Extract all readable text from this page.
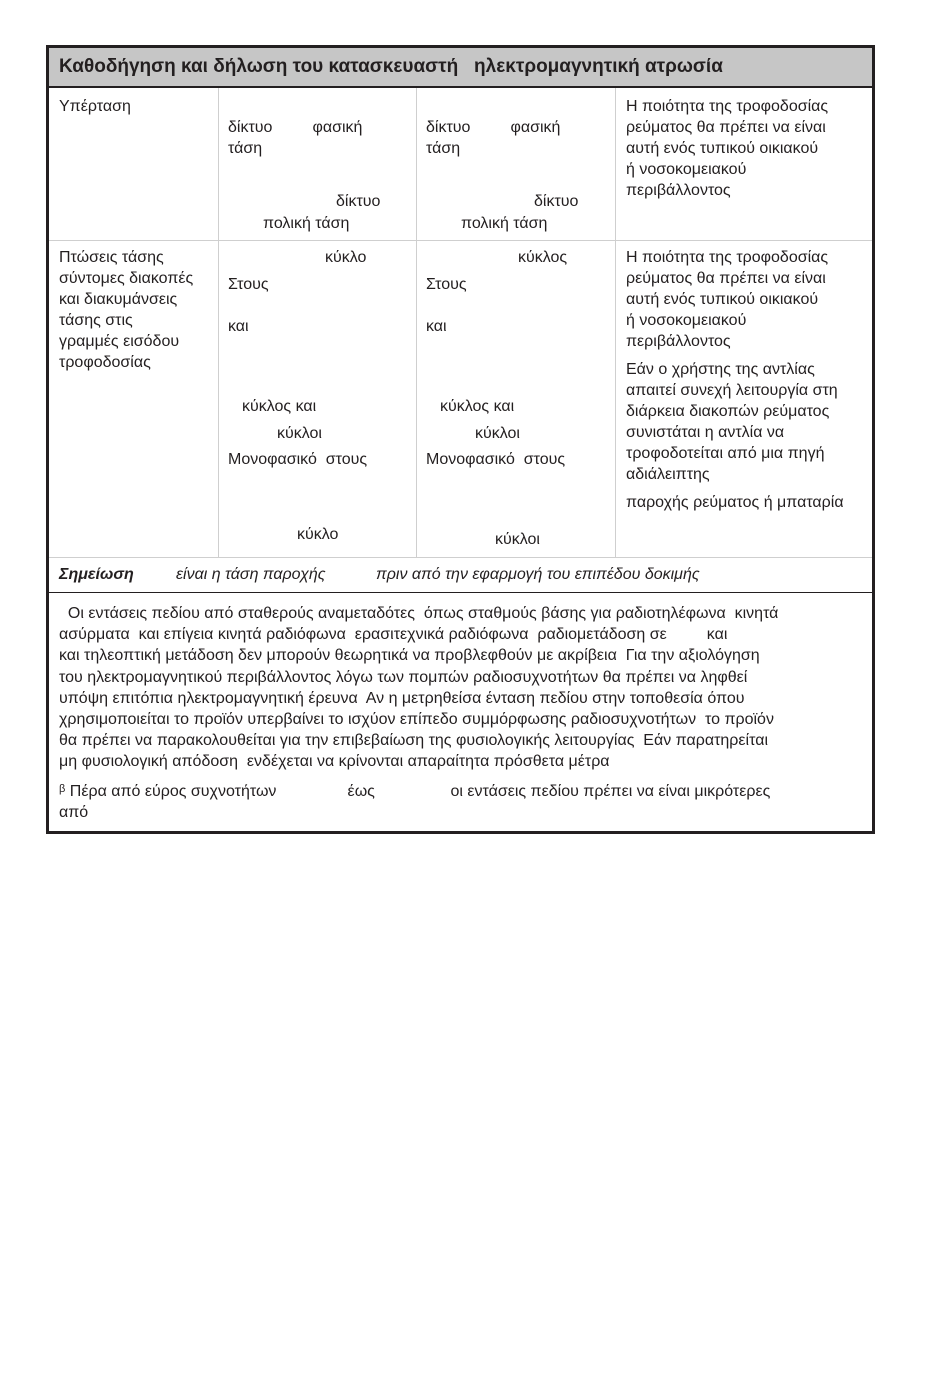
Καθοδήγηση και δήλωση του κατασκευαστή   ηλεκτρομαγνητική ατρωσία
Υπέρταση
δίκτυο         φασική
τάση
δίκτυο
πολική τάση
δίκτυο         φασική
τάση
δίκτυο
πολική τάση
Η ποιότητα της τροφοδοσίας
ρεύματος θα πρέπει να είναι
αυτή ενός τυπικού οικιακού
ή νοσοκομειακού
περιβάλλοντος
Πτώσεις τάσης
σύντομες διακοπές
και διακυμάνσεις
τάσης στις
γραμμές εισόδου
τροφοδοσίας
κύκλο
Στους
και
κύκλος και
κύκλοι
Μονοφασικό  στους
κύκλο
κύκλος
Στους
και
κύκλος και
κύκλοι
Μονοφασικό  στους
κύκλοι
Η ποιότητα της τροφοδοσίας
ρεύματος θα πρέπει να είναι
αυτή ενός τυπικού οικιακού
ή νοσοκομειακού
περιβάλλοντος
Εάν ο χρήστης της αντλίας
απαιτεί συνεχή λειτουργία στη
διάρκεια διακοπών ρεύματος
συνιστάται η αντλία να
τροφοδοτείται από μια πηγή
αδιάλειπτης
παροχής ρεύματος ή μπαταρία
Σημείωση	είναι η τάση παροχής	πριν από την εφαρμογή του επιπέδου δοκιμής

Οι εντάσεις πεδίου από σταθερούς αναμεταδότες  όπως σταθμούς βάσης για ραδιοτηλέφωνα  κινητά
ασύρματα  και επίγεια κινητά ραδιόφωνα  ερασιτεχνικά ραδιόφωνα  ραδιομετάδοση σε         και
και τηλεοπτική μετάδοση δεν μπορούν θεωρητικά να προβλεφθούν με ακρίβεια  Για την αξιολόγηση
του ηλεκτρομαγνητικού περιβάλλοντος λόγω των πομπών ραδιοσυχνοτήτων θα πρέπει να ληφθεί
υπόψη επιτόπια ηλεκτρομαγνητική έρευνα  Αν η μετρηθείσα ένταση πεδίου στην τοποθεσία όπου
χρησιμοποιείται το προϊόν υπερβαίνει το ισχύον επίπεδο συμμόρφωσης ραδιοσυχνοτήτων  το προϊόν
θα πρέπει να παρακολουθείται για την επιβεβαίωση της φυσιολογικής λειτουργίας  Εάν παρατηρείται
μη φυσιολογική απόδοση  ενδέχεται να κρίνονται απαραίτητα πρόσθετα μέτρα

$^\beta$ Πέρα από εύρος συχνοτήτων                έως                 οι εντάσεις πεδίου πρέπει να είναι μικρότερες
από
